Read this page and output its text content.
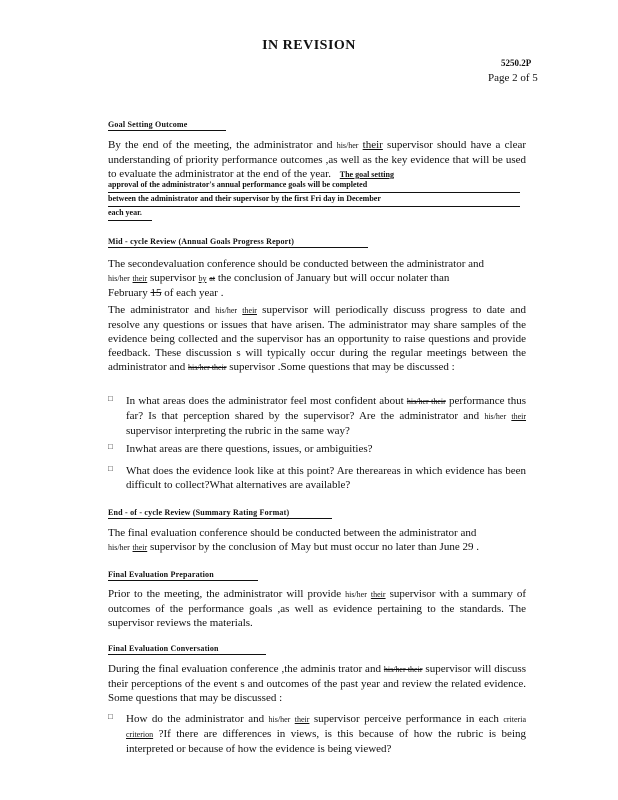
IN REVISION
5250.2P
Page 2 of 5
Goal Setting Outcome
By the end of the meeting, the administrator and his/her their supervisor should have a clear understanding of priority performance outcomes ,as well as the key evidence that will be used to evaluate the administrator at the end of the year. The goal setting
approval of the administrator's annual performance goals will be completed
between the administrator and their supervisor by the first Fri day in December
each year.
Mid - cycle Review (Annual Goals Progress Report)
The secondevaluation conference should be conducted between the administrator and
his/her their supervisor by at the conclusion of January but will occur nolater than
February 15 of each year .
The administrator and his/her their supervisor will periodically discuss progress to date and resolve any questions or issues that have arisen. The administrator may share samples of the evidence being collected and the supervisor has an opportunity to raise questions and provide feedback. These discussion s will typically occur during the regular meetings between the administrator and his/her their supervisor .Some questions that may be discussed :
□	In what areas does the administrator feel most confident about his/her their performance thus far? Is that perception shared by the supervisor? Are the administrator and his/her their supervisor interpreting the rubric in the same way?
□	Inwhat areas are there questions, issues, or ambiguities?
□	What does the evidence look like at this point? Are thereareas in which evidence has been difficult to collect?What alternatives are available?
End - of - cycle Review (Summary Rating Format)
The final evaluation conference should be conducted between the administrator and
his/her their supervisor by the conclusion of May but must occur no later than June 29 .
Final Evaluation Preparation
Prior to the meeting, the administrator will provide his/her their supervisor with a summary of outcomes of the performance goals ,as well as evidence pertaining to the standards. The supervisor reviews the materials.
Final Evaluation Conversation
During the final evaluation conference ,the adminis trator and his/her their supervisor will discuss their perceptions of the event s and outcomes of the past year and review the related evidence. Some questions that may be discussed :
□	How do the administrator and his/her their supervisor perceive performance in each criteria criterion ?If there are differences in views, is this because of how the rubric is being interpreted or because of how the evidence is being viewed?
